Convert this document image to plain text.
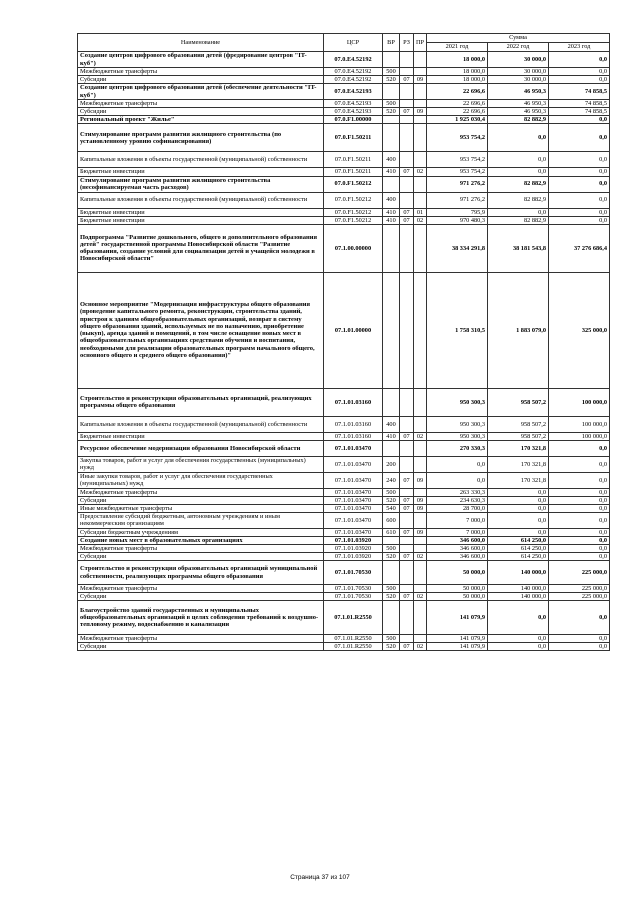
Наименование	ЦСР	ВР	РЗ	ПР	Сумма		
					2021 год	2022 год	2023 год
Создание центров цифрового образования детей (фредирование центров "IT-куб")	07.0.E4.52192				18 000,0	30 000,0	0,0
Межбюджетные трансферты	07.0.E4.52192	500			18 000,0	30 000,0	0,0
Субсидии	07.0.E4.52192	520	07	09	18 000,0	30 000,0	0,0
Создание центров цифрового образования детей (обеспечение деятельности "IT-куб")	07.0.E4.52193				22 696,6	46 950,3	74 858,5
Межбюджетные трансферты	07.0.E4.52193	500			22 696,6	46 950,3	74 858,5
Субсидии	07.0.E4.52193	520	07	09	22 696,6	46 950,3	74 858,5
Региональный проект "Жилье"	07.0.F1.00000				1 925 030,4	82 882,9	0,0
Стимулирование программ развития жилищного строительства (по установленному уровню софинансирования)	07.0.F1.50211				953 754,2	0,0	0,0
Капитальные вложения в объекты государственной (муниципальной) собственности	07.0.F1.50211	400			953 754,2	0,0	0,0
Бюджетные инвестиции	07.0.F1.50211	410	07	02	953 754,2	0,0	0,0
Стимулирование программ развития жилищного строительства (несофинансируемая часть расходов)	07.0.F1.50212				971 276,2	82 882,9	0,0
Капитальные вложения в объекты государственной (муниципальной) собственности	07.0.F1.50212	400			971 276,2	82 882,9	0,0
Бюджетные инвестиции	07.0.F1.50212	410	07	01	795,9	0,0	0,0
Бюджетные инвестиции	07.0.F1.50212	410	07	02	970 480,3	82 882,9	0,0
Подпрограмма "Развитие дошкольного, общего и дополнительного образования детей" государственной программы Новосибирской области "Развитие образования, создание условий для социализации детей и учащейся молодежи в Новосибирской области"	07.1.00.00000				38 334 291,8	38 181 543,8	37 276 686,4
Основное мероприятие "Модернизация инфраструктуры общего образования (проведение капитального ремонта, реконструкции, строительства зданий, пристроя к зданиям общеобразовательных организаций, возврат в систему общего образования зданий, используемых не по назначению, приобретение (выкуп), аренда зданий и помещений, в том числе оснащение новых мест в общеобразовательных организациях средствами обучения и воспитания, необходимыми для реализации образовательных программ начального общего, основного общего и среднего общего образования)"	07.1.01.00000				1 758 310,5	1 883 079,0	325 000,0
Строительство и реконструкция образовательных организаций, реализующих программы общего образования	07.1.01.03160				950 300,3	958 507,2	100 000,0
Капитальные вложения в объекты государственной (муниципальной) собственности	07.1.01.03160	400			950 300,3	958 507,2	100 000,0
Бюджетные инвестиции	07.1.01.03160	410	07	02	950 300,3	958 507,2	100 000,0
Ресурсное обеспечение модернизации образования Новосибирской области	07.1.01.03470				270 330,3	170 321,8	0,0
Закупка товаров, работ и услуг для обеспечения государственных (муниципальных) нужд	07.1.01.03470	200			0,0	170 321,8	0,0
Иные закупки товаров, работ и услуг для обеспечения государственных (муниципальных) нужд	07.1.01.03470	240	07	09	0,0	170 321,8	0,0
Межбюджетные трансферты	07.1.01.03470	500			263 330,3	0,0	0,0
Субсидии	07.1.01.03470	520	07	09	234 630,3	0,0	0,0
Иные межбюджетные трансферты	07.1.01.03470	540	07	09	28 700,0	0,0	0,0
Предоставление субсидий бюджетным, автономным учреждениям и иным некоммерческим организациям	07.1.01.03470	600			7 000,0	0,0	0,0
Субсидии бюджетным учреждениям	07.1.01.03470	610	07	09	7 000,0	0,0	0,0
Создание новых мест в образовательных организациях	07.1.01.03920				346 600,0	614 250,0	0,0
Межбюджетные трансферты	07.1.01.03920	500			346 600,0	614 250,0	0,0
Субсидии	07.1.01.03920	520	07	02	346 600,0	614 250,0	0,0
Строительство и реконструкция образовательных организаций муниципальной собственности, реализующих программы общего образования	07.1.01.70530				50 000,0	140 000,0	225 000,0
Межбюджетные трансферты	07.1.01.70530	500			50 000,0	140 000,0	225 000,0
Субсидии	07.1.01.70530	520	07	02	50 000,0	140 000,0	225 000,0
Благоустройство зданий государственных и муниципальных общеобразовательных организаций в целях соблюдения требований к воздушно-тепловому режиму, водоснабжению и канализации	07.1.01.R2550				141 079,9	0,0	0,0
Межбюджетные трансферты	07.1.01.R2550	500			141 079,9	0,0	0,0
Субсидии	07.1.01.R2550	520	07	02	141 079,9	0,0	0,0
Страница 37 из 107
